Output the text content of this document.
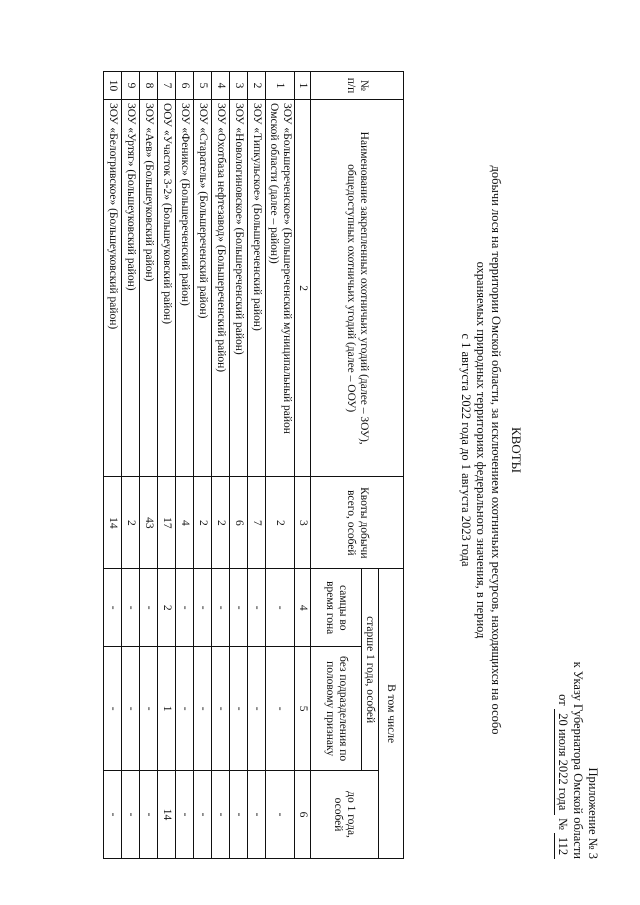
Приложение № 3
к Указу Губернатора Омской области
от 20 июля 2022 года № 112
КВОТЫ
добычи лося на территории Омской области, за исключением охотничьих ресурсов, находящихся на особо
охраняемых природных территориях федерального значения, в период
с 1 августа 2022 года до 1 августа 2023 года
№ п/п	Наименование закрепленных охотничьих угодий (далее – ЗОУ), общедоступных охотничьих угодий (далее – ООУ)	Квоты добычи всего, особей	В том числе		
			старше 1 года, особей		до 1 года, особей
			самцы во время гона	без подразделения по половому признаку	
1	2	3	4	5	6
1	ЗОУ «Большереченское» (Большереченский муниципальный район Омской области (далее – район))	2	-	-	-
2	ЗОУ «Типкульское» (Большереченский район)	7	-	-	-
3	ЗОУ «Новологиновское» (Большереченский район)	6	-	-	-
4	ЗОУ «Охотбаза нефтезавод» (Большереченский район)	2	-	-	-
5	ЗОУ «Старатель» (Большереченский район)	2	-	-	-
6	ЗОУ «Феникс» (Большереченский район)	4	-	-	-
7	ООУ «Участок 3-2» (Большеуковский район)	17	2	1	14
8	ЗОУ «Аев» (Большеуковский район)	43	-	-	-
9	ЗОУ «Уртяг» (Большеуковский район)	2	-	-	-
10	ЗОУ «Белогривское» (Большеуковский район)	14	-	-	-
